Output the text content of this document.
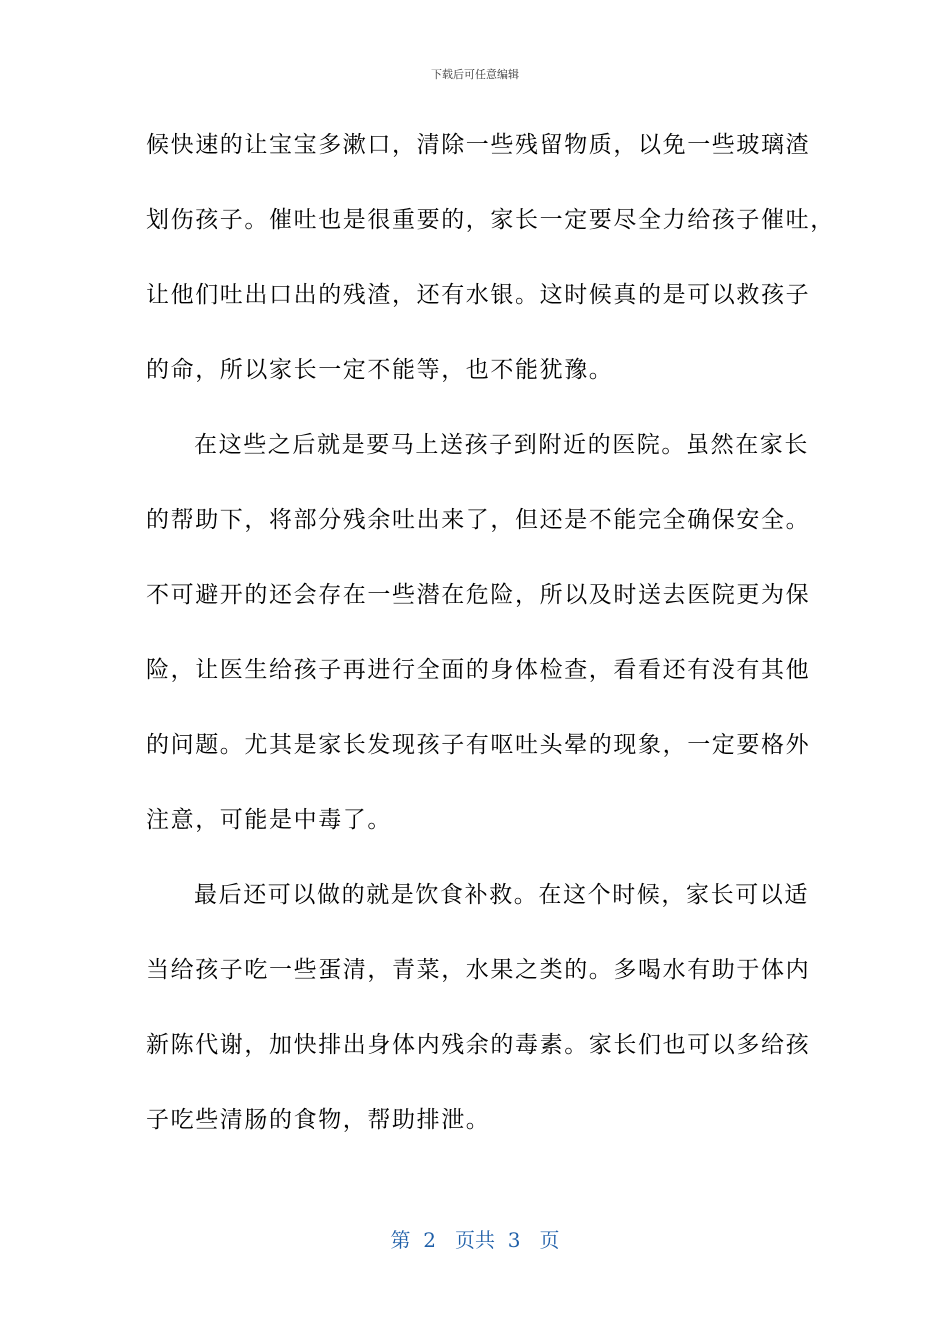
下载后可任意编辑
候快速的让宝宝多漱口，清除一些残留物质，以免一些玻璃渣
划伤孩子。催吐也是很重要的，家长一定要尽全力给孩子催吐，
让他们吐出口出的残渣，还有水银。这时候真的是可以救孩子
的命，所以家长一定不能等，也不能犹豫。
在这些之后就是要马上送孩子到附近的医院。虽然在家长
的帮助下，将部分残余吐出来了，但还是不能完全确保安全。
不可避开的还会存在一些潜在危险，所以及时送去医院更为保
险，让医生给孩子再进行全面的身体检查，看看还有没有其他
的问题。尤其是家长发现孩子有呕吐头晕的现象，一定要格外
注意，可能是中毒了。
最后还可以做的就是饮食补救。在这个时候，家长可以适
当给孩子吃一些蛋清，青菜，水果之类的。多喝水有助于体内
新陈代谢，加快排出身体内残余的毒素。家长们也可以多给孩
子吃些清肠的食物，帮助排泄。
第  2   页共  3   页
